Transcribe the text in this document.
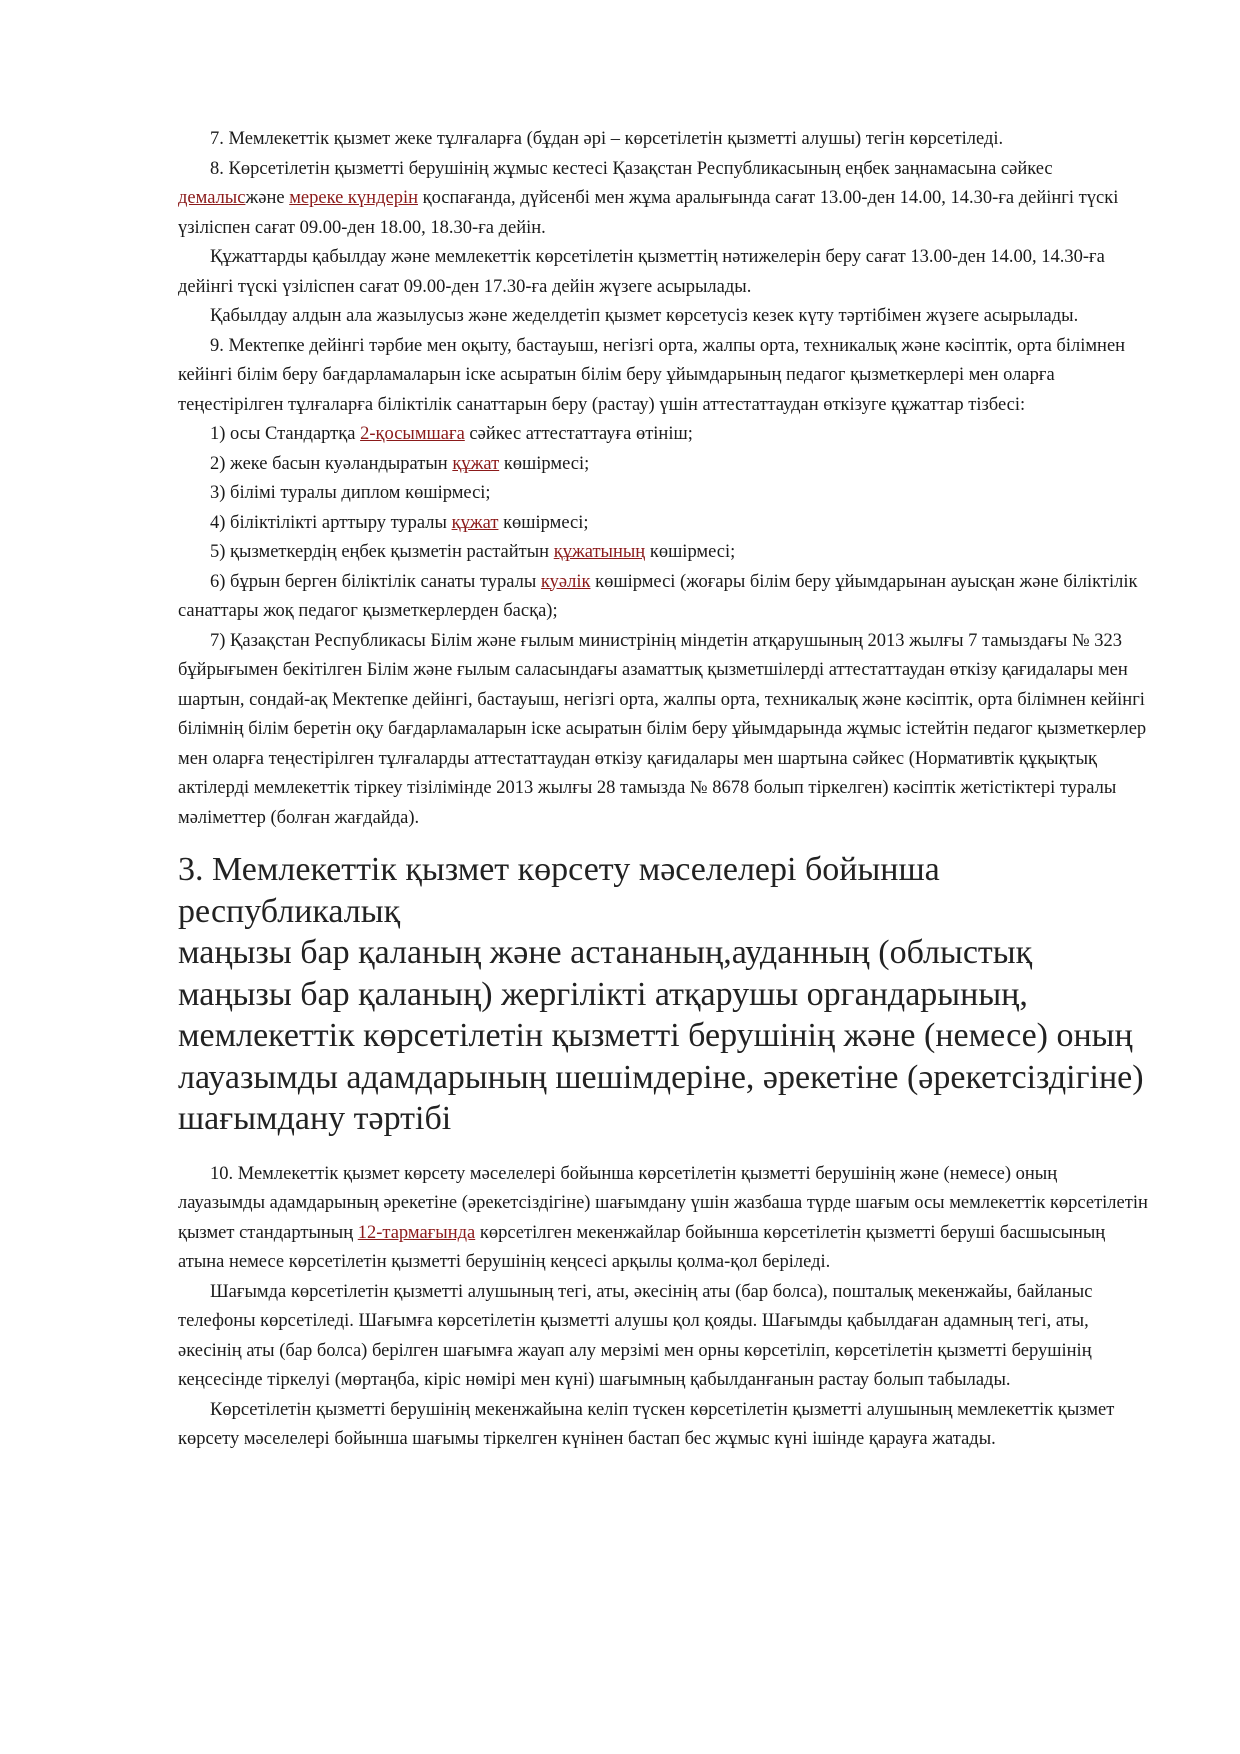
7. Мемлекеттік қызмет жеке тұлғаларға (бұдан әрі – көрсетілетін қызметті алушы) тегін көрсетіледі.

8. Көрсетілетін қызметті берушінің жұмыс кестесі Қазақстан Республикасының еңбек заңнамасына сәйкес демалысжәне мереке күндерін қоспағанда, дүйсенбі мен жұма аралығында сағат 13.00-ден 14.00, 14.30-ға дейінгі түскі үзіліспен сағат 09.00-ден 18.00, 18.30-ға дейін.

Құжаттарды қабылдау және мемлекеттік көрсетілетін қызметтің нәтижелерін беру сағат 13.00-ден 14.00, 14.30-ға дейінгі түскі үзіліспен сағат 09.00-ден 17.30-ға дейін жүзеге асырылады.

Қабылдау алдын ала жазылусыз және жеделдетіп қызмет көрсетусіз кезек күту тәртібімен жүзеге асырылады.

9. Мектепке дейінгі тәрбие мен оқыту, бастауыш, негізгі орта, жалпы орта, техникалық және кәсіптік, орта білімнен кейінгі білім беру бағдарламаларын іске асыратын білім беру ұйымдарының педагог қызметкерлері мен оларға теңестірілген тұлғаларға біліктілік санаттарын беру (растау) үшін аттестаттаудан өткізуге құжаттар тізбесі:

1) осы Стандартқа 2-қосымшаға сәйкес аттестаттауға өтініш;

2) жеке басын куәландыратын құжат көшірмесі;

3) білімі туралы диплом көшірмесі;

4) біліктілікті арттыру туралы құжат көшірмесі;

5) қызметкердің еңбек қызметін растайтын құжатының көшірмесі;

6) бұрын берген біліктілік санаты туралы куәлік көшірмесі (жоғары білім беру ұйымдарынан ауысқан және біліктілік санаттары жоқ педагог қызметкерлерден басқа);

7) Қазақстан Республикасы Білім және ғылым министрінің міндетін атқарушының 2013 жылғы 7 тамыздағы № 323 бұйрығымен бекітілген Білім және ғылым саласындағы азаматтық қызметшілерді аттестаттаудан өткізу қағидалары мен шартын, сондай-ақ Мектепке дейінгі, бастауыш, негізгі орта, жалпы орта, техникалық және кәсіптік, орта білімнен кейінгі білімнің білім беретін оқу бағдарламаларын іске асыратын білім беру ұйымдарында жұмыс істейтін педагог қызметкерлер мен оларға теңестірілген тұлғаларды аттестаттаудан өткізу қағидалары мен шартына сәйкес (Нормативтік құқықтық актілерді мемлекеттік тіркеу тізілімінде 2013 жылғы 28 тамызда № 8678 болып тіркелген) кәсіптік жетістіктері туралы мәліметтер (болған жағдайда).

3. Мемлекеттік қызмет көрсету мәселелері бойынша республикалық
маңызы бар қаланың және астананың,ауданның (облыстық маңызы бар қаланың) жергілікті атқарушы органдарының, мемлекеттік көрсетілетін қызметті берушінің және (немесе) оның лауазымды адамдарының шешімдеріне, әрекетіне (әрекетсіздігіне) шағымдану тәртібі

10. Мемлекеттік қызмет көрсету мәселелері бойынша көрсетілетін қызметті берушінің және (немесе) оның лауазымды адамдарының әрекетіне (әрекетсіздігіне) шағымдану үшін жазбаша түрде шағым осы мемлекеттік көрсетілетін қызмет стандартының 12-тармағында көрсетілген мекенжайлар бойынша көрсетілетін қызметті беруші басшысының атына немесе көрсетілетін қызметті берушінің кеңсесі арқылы қолма-қол беріледі.

Шағымда көрсетілетін қызметті алушының тегі, аты, әкесінің аты (бар болса), пошталық мекенжайы, байланыс телефоны көрсетіледі. Шағымға көрсетілетін қызметті алушы қол қояды. Шағымды қабылдаған адамның тегі, аты, әкесінің аты (бар болса) берілген шағымға жауап алу мерзімі мен орны көрсетіліп, көрсетілетін қызметті берушінің кеңсесінде тіркелуі (мөртаңба, кіріс нөмірі мен күні) шағымның қабылданғанын растау болып табылады.

Көрсетілетін қызметті берушінің мекенжайына келіп түскен көрсетілетін қызметті алушының мемлекеттік қызмет көрсету мәселелері бойынша шағымы тіркелген күнінен бастап бес жұмыс күні ішінде қарауға жатады.
